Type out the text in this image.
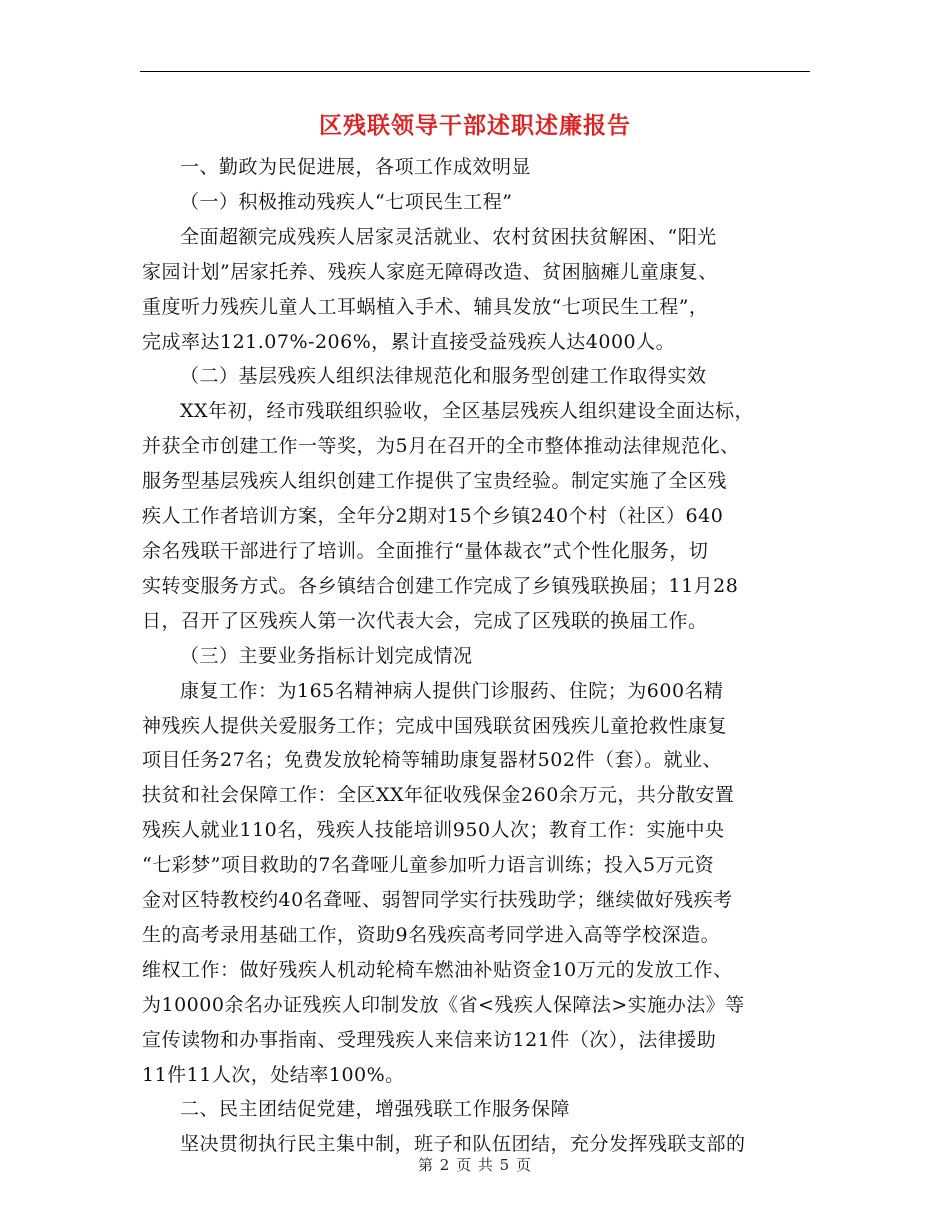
区残联领导干部述职述廉报告
一、勤政为民促进展，各项工作成效明显
（一）积极推动残疾人“七项民生工程”
全面超额完成残疾人居家灵活就业、农村贫困扶贫解困、“阳光
家园计划”居家托养、残疾人家庭无障碍改造、贫困脑瘫儿童康复、
重度听力残疾儿童人工耳蜗植入手术、辅具发放“七项民生工程”，
完成率达121.07%-206%，累计直接受益残疾人达4000人。
（二）基层残疾人组织法律规范化和服务型创建工作取得实效
XX年初，经市残联组织验收，全区基层残疾人组织建设全面达标，
并获全市创建工作一等奖，为5月在召开的全市整体推动法律规范化、
服务型基层残疾人组织创建工作提供了宝贵经验。制定实施了全区残
疾人工作者培训方案，全年分2期对15个乡镇240个村（社区）640
余名残联干部进行了培训。全面推行“量体裁衣”式个性化服务，切
实转变服务方式。各乡镇结合创建工作完成了乡镇残联换届；11月28
日，召开了区残疾人第一次代表大会，完成了区残联的换届工作。
（三）主要业务指标计划完成情况
康复工作：为165名精神病人提供门诊服药、住院；为600名精
神残疾人提供关爱服务工作；完成中国残联贫困残疾儿童抢救性康复
项目任务27名；免费发放轮椅等辅助康复器材502件（套）。就业、
扶贫和社会保障工作：全区XX年征收残保金260余万元，共分散安置
残疾人就业110名，残疾人技能培训950人次；教育工作：实施中央
“七彩梦”项目救助的7名聋哑儿童参加听力语言训练；投入5万元资
金对区特教校约40名聋哑、弱智同学实行扶残助学；继续做好残疾考
生的高考录用基础工作，资助9名残疾高考同学进入高等学校深造。
维权工作：做好残疾人机动轮椅车燃油补贴资金10万元的发放工作、
为10000余名办证残疾人印制发放《省<残疾人保障法>实施办法》等
宣传读物和办事指南、受理残疾人来信来访121件（次），法律援助
11件11人次，处结率100%。
二、民主团结促党建，增强残联工作服务保障
坚决贯彻执行民主集中制，班子和队伍团结，充分发挥残联支部的
第 2 页 共 5 页
